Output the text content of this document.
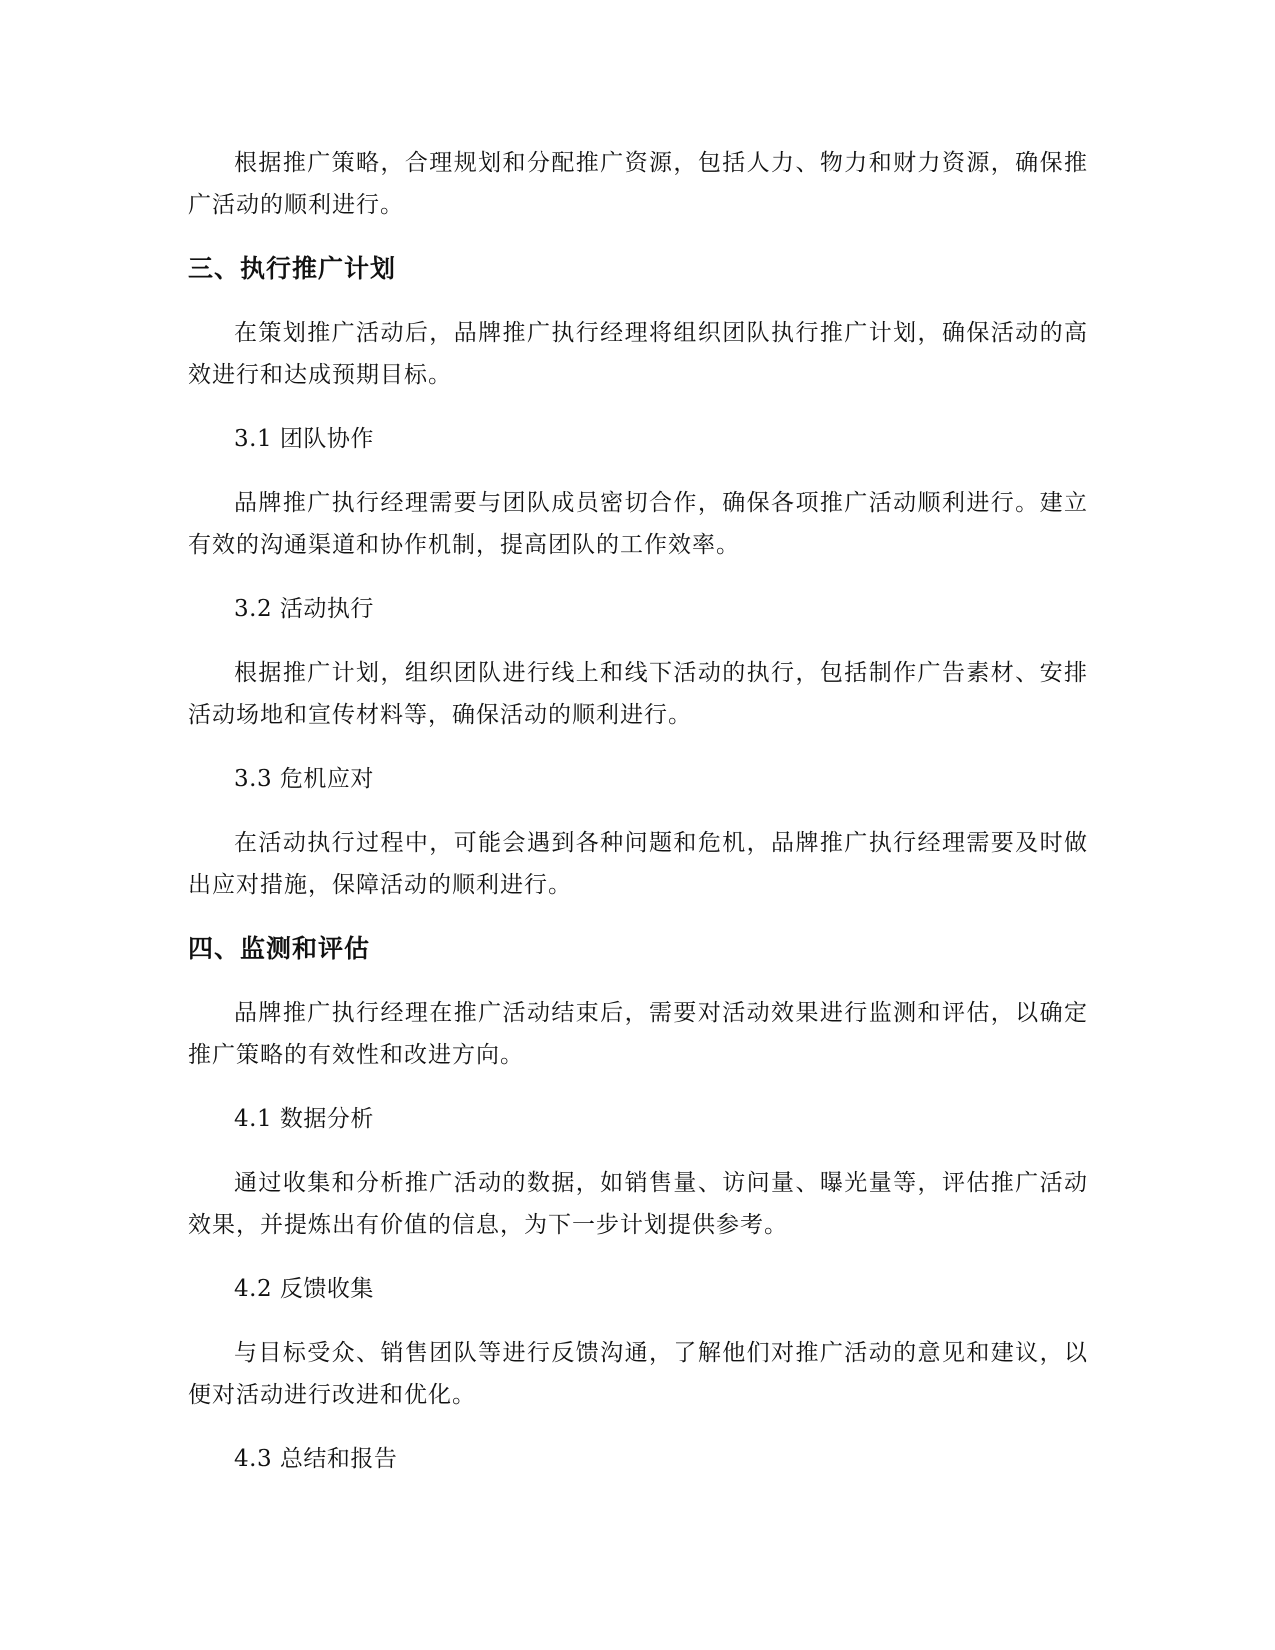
根据推广策略，合理规划和分配推广资源，包括人力、物力和财力资源，确保推广活动的顺利进行。

三、执行推广计划

在策划推广活动后，品牌推广执行经理将组织团队执行推广计划，确保活动的高效进行和达成预期目标。

3.1 团队协作

品牌推广执行经理需要与团队成员密切合作，确保各项推广活动顺利进行。建立有效的沟通渠道和协作机制，提高团队的工作效率。

3.2 活动执行

根据推广计划，组织团队进行线上和线下活动的执行，包括制作广告素材、安排活动场地和宣传材料等，确保活动的顺利进行。

3.3 危机应对

在活动执行过程中，可能会遇到各种问题和危机，品牌推广执行经理需要及时做出应对措施，保障活动的顺利进行。

四、监测和评估

品牌推广执行经理在推广活动结束后，需要对活动效果进行监测和评估，以确定推广策略的有效性和改进方向。

4.1 数据分析

通过收集和分析推广活动的数据，如销售量、访问量、曝光量等，评估推广活动效果，并提炼出有价值的信息，为下一步计划提供参考。

4.2 反馈收集

与目标受众、销售团队等进行反馈沟通，了解他们对推广活动的意见和建议，以便对活动进行改进和优化。

4.3 总结和报告
